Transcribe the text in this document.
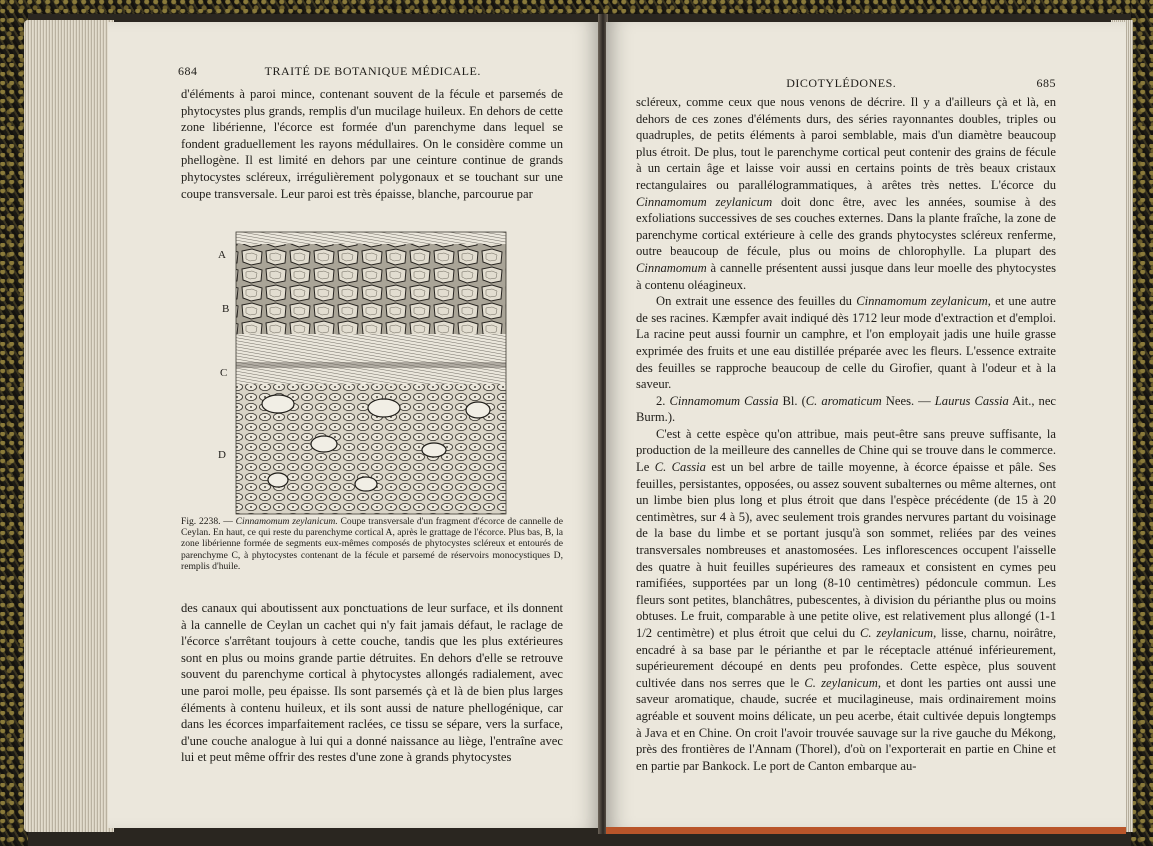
684	TRAITÉ DE BOTANIQUE MÉDICALE.

d'éléments à paroi mince, contenant souvent de la fécule et parsemés de phytocystes plus grands, remplis d'un mucilage huileux. En dehors de cette zone libérienne, l'écorce est formée d'un parenchyme dans lequel se fondent graduellement les rayons médullaires. On le considère comme un phellogène. Il est limité en dehors par une ceinture continue de grands phytocystes scléreux, irrégulièrement polygonaux et se touchant sur une coupe transversale. Leur paroi est très épaisse, blanche, parcourue par

A
B
C
D
Fig. 2238. — Cinnamomum zeylanicum. Coupe transversale d'un fragment d'écorce de cannelle de Ceylan. En haut, ce qui reste du parenchyme cortical A, après le grattage de l'écorce. Plus bas, B, la zone libérienne formée de segments eux-mêmes composés de phytocystes scléreux et entourés de parenchyme C, à phytocystes contenant de la fécule et parsemé de réservoirs monocystiques D, remplis d'huile.

des canaux qui aboutissent aux ponctuations de leur surface, et ils donnent à la cannelle de Ceylan un cachet qui n'y fait jamais défaut, le raclage de l'écorce s'arrêtant toujours à cette couche, tandis que les plus extérieures sont en plus ou moins grande partie détruites. En dehors d'elle se retrouve souvent du parenchyme cortical à phytocystes allongés radialement, avec une paroi molle, peu épaisse. Ils sont parsemés çà et là de bien plus larges éléments à contenu huileux, et ils sont aussi de nature phellogénique, car dans les écorces imparfaitement raclées, ce tissu se sépare, vers la surface, d'une couche analogue à lui qui a donné naissance au liège, l'entraîne avec lui et peut même offrir des restes d'une zone à grands phytocystes

DICOTYLÉDONES.	685

scléreux, comme ceux que nous venons de décrire. Il y a d'ailleurs çà et là, en dehors de ces zones d'éléments durs, des séries rayonnantes doubles, triples ou quadruples, de petits éléments à paroi semblable, mais d'un diamètre beaucoup plus étroit. De plus, tout le parenchyme cortical peut contenir des grains de fécule à un certain âge et laisse voir aussi en certains points de très beaux cristaux rectangulaires ou parallélogrammatiques, à arêtes très nettes. L'écorce du Cinnamomum zeylanicum doit donc être, avec les années, soumise à des exfoliations successives de ses couches externes. Dans la plante fraîche, la zone de parenchyme cortical extérieure à celle des grands phytocystes scléreux renferme, outre beaucoup de fécule, plus ou moins de chlorophylle. La plupart des Cinnamomum à cannelle présentent aussi jusque dans leur moelle des phytocystes à contenu oléagineux.

On extrait une essence des feuilles du Cinnamomum zeylanicum, et une autre de ses racines. Kæmpfer avait indiqué dès 1712 leur mode d'extraction et d'emploi. La racine peut aussi fournir un camphre, et l'on employait jadis une huile grasse exprimée des fruits et une eau distillée préparée avec les fleurs. L'essence extraite des feuilles se rapproche beaucoup de celle du Girofier, quant à l'odeur et à la saveur.

2. Cinnamomum Cassia Bl. (C. aromaticum Nees. — Laurus Cassia Ait., nec Burm.).

C'est à cette espèce qu'on attribue, mais peut-être sans preuve suffisante, la production de la meilleure des cannelles de Chine qui se trouve dans le commerce. Le C. Cassia est un bel arbre de taille moyenne, à écorce épaisse et pâle. Ses feuilles, persistantes, opposées, ou assez souvent subalternes ou même alternes, ont un limbe bien plus long et plus étroit que dans l'espèce précédente (de 15 à 20 centimètres, sur 4 à 5), avec seulement trois grandes nervures partant du voisinage de la base du limbe et se portant jusqu'à son sommet, reliées par des veines transversales nombreuses et anastomosées. Les inflorescences occupent l'aisselle des quatre à huit feuilles supérieures des rameaux et consistent en cymes peu ramifiées, supportées par un long (8-10 centimètres) pédoncule commun. Les fleurs sont petites, blanchâtres, pubescentes, à division du périanthe plus ou moins obtuses. Le fruit, comparable à une petite olive, est relativement plus allongé (1-1 1/2 centimètre) et plus étroit que celui du C. zeylanicum, lisse, charnu, noirâtre, encadré à sa base par le périanthe et par le réceptacle atténué inférieurement, supérieurement découpé en dents peu profondes. Cette espèce, plus souvent cultivée dans nos serres que le C. zeylanicum, et dont les parties ont aussi une saveur aromatique, chaude, sucrée et mucilagineuse, mais ordinairement moins agréable et souvent moins délicate, un peu acerbe, était cultivée depuis longtemps à Java et en Chine. On croit l'avoir trouvée sauvage sur la rive gauche du Mékong, près des frontières de l'Annam (Thorel), d'où on l'exporterait en partie en Chine et en partie par Bankock. Le port de Canton embarque au-
